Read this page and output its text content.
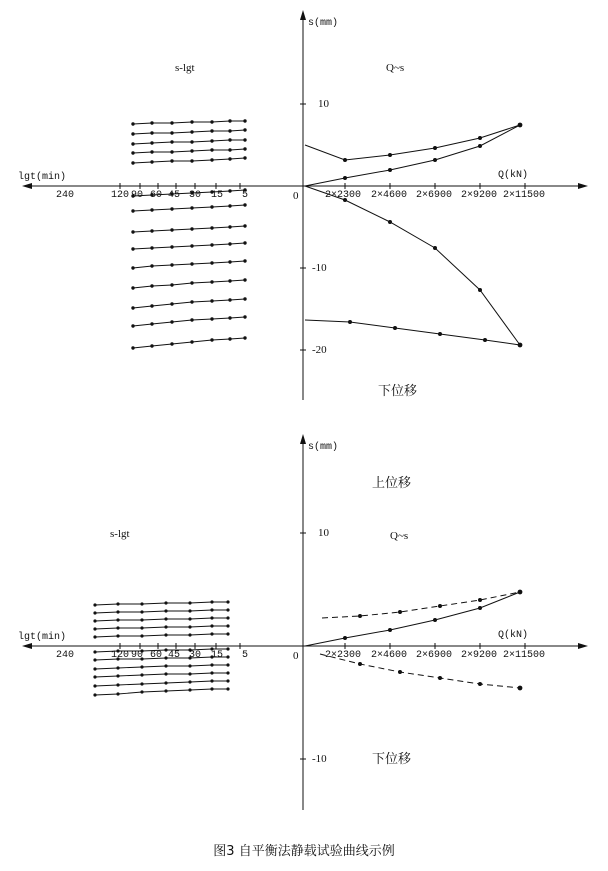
s-lgt	Q~s
s(mm)
lgt(min)	Q(kN)
10
-10
-20
0	2×2300 2×4600 2×6900 2×9200 2×11500
240	120 90 60 45 30 15 5
下位移
s-lgt	Q~s
s(mm)
lgt(min)	Q(kN)
10
-10
0	2×2300 2×4600 2×6900 2×9200 2×11500
240	120 90 60 45 30 15 5
上位移
下位移
图3 自平衡法静载试验曲线示例
